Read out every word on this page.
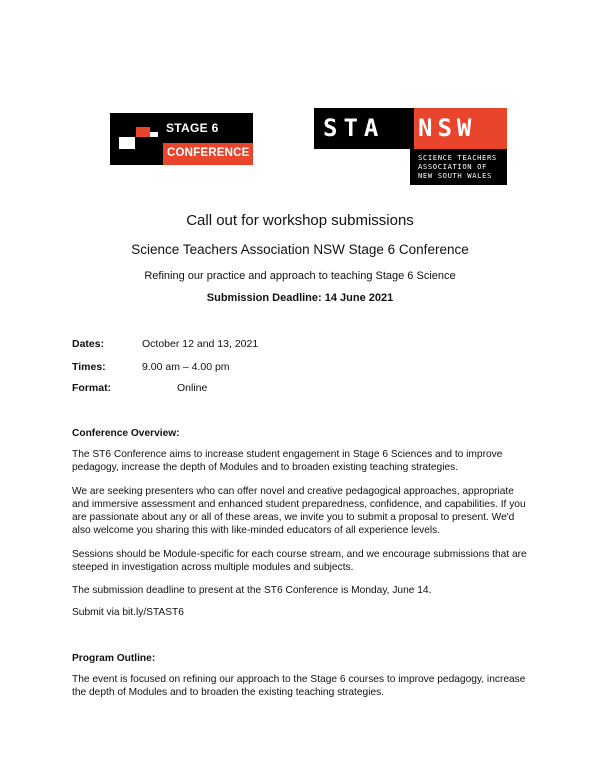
STAGE 6
CONFERENCE
STA NSW
SCIENCE TEACHERS
ASSOCIATION OF
NEW SOUTH WALES
Call out for workshop submissions
Science Teachers Association NSW Stage 6 Conference
Refining our practice and approach to teaching Stage 6 Science
Submission Deadline: 14 June 2021
Dates:	October 12 and 13, 2021
Times:	9.00 am – 4.00 pm
Format:	Online
Conference Overview:
The ST6 Conference aims to increase student engagement in Stage 6 Sciences and to improve pedagogy, increase the depth of Modules and to broaden existing teaching strategies.
We are seeking presenters who can offer novel and creative pedagogical approaches, appropriate and immersive assessment and enhanced student preparedness, confidence, and capabilities. If you are passionate about any or all of these areas, we invite you to submit a proposal to present. We'd also welcome you sharing this with like-minded educators of all experience levels.
Sessions should be Module-specific for each course stream, and we encourage submissions that are steeped in investigation across multiple modules and subjects.
The submission deadline to present at the ST6 Conference is Monday, June 14.
Submit via bit.ly/STAST6
Program Outline:
The event is focused on refining our approach to the Stage 6 courses to improve pedagogy, increase the depth of Modules and to broaden the existing teaching strategies.
